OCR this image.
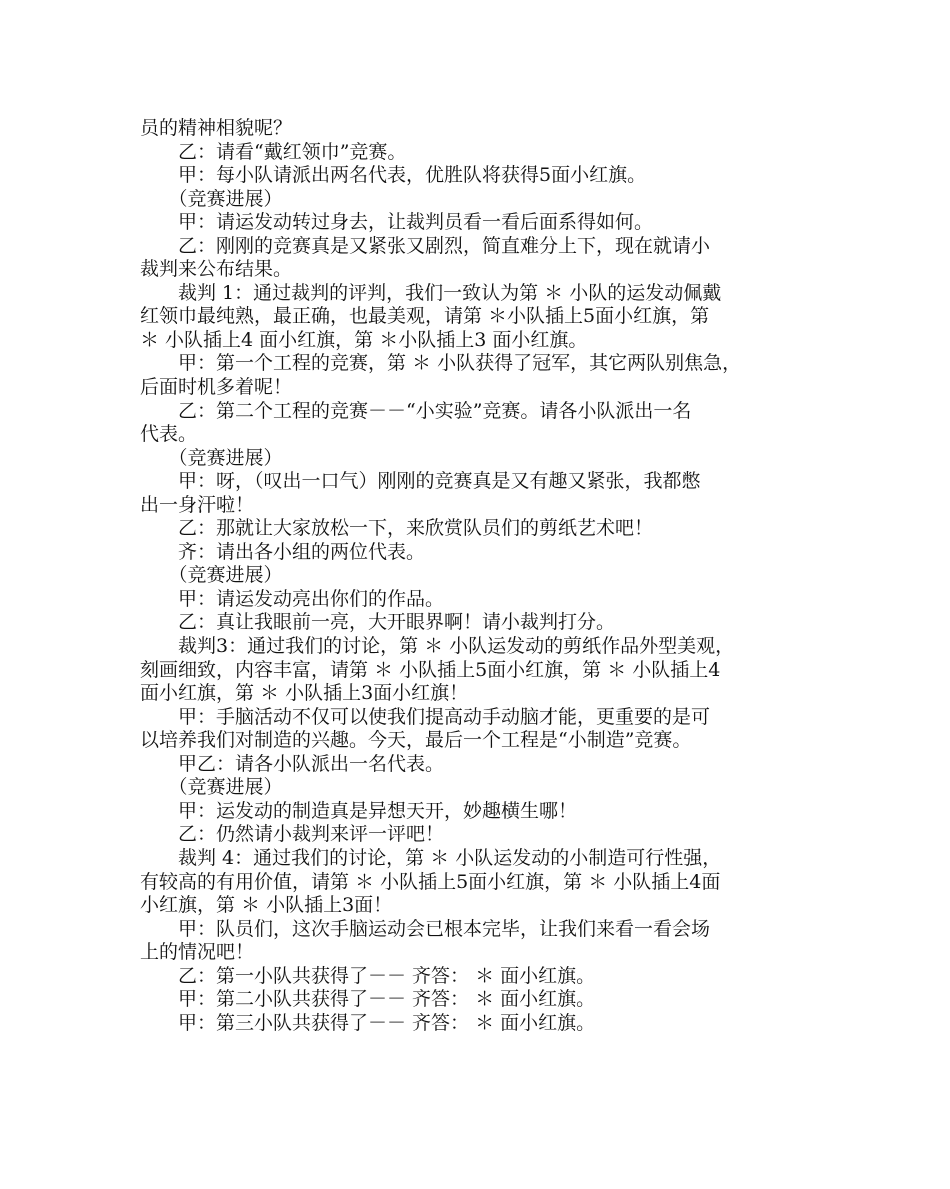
员的精神相貌呢？
　　乙：请看“戴红领巾”竞赛。
　　甲：每小队请派出两名代表，优胜队将获得5面小红旗。
　　（竞赛进展）
　　甲：请运发动转过身去，让裁判员看一看后面系得如何。
　　乙：刚刚的竞赛真是又紧张又剧烈，简直难分上下，现在就请小
裁判来公布结果。
　　裁判 1：通过裁判的评判，我们一致认为第 ＊ 小队的运发动佩戴
红领巾最纯熟，最正确，也最美观，请第 ＊小队插上5面小红旗，第
＊ 小队插上4 面小红旗，第 ＊小队插上3 面小红旗。
　　甲：第一个工程的竞赛，第 ＊ 小队获得了冠军，其它两队别焦急，
后面时机多着呢！
　　乙：第二个工程的竞赛－－“小实验”竞赛。请各小队派出一名
代表。
　　（竞赛进展）
　　甲：呀，（叹出一口气）刚刚的竞赛真是又有趣又紧张，我都憋
出一身汗啦！
　　乙：那就让大家放松一下，来欣赏队员们的剪纸艺术吧！
　　齐：请出各小组的两位代表。
　　（竞赛进展）
　　甲：请运发动亮出你们的作品。
　　乙：真让我眼前一亮，大开眼界啊！请小裁判打分。
　　裁判3：通过我们的讨论，第 ＊ 小队运发动的剪纸作品外型美观，
刻画细致，内容丰富，请第 ＊ 小队插上5面小红旗，第 ＊ 小队插上4
面小红旗，第 ＊ 小队插上3面小红旗！
　　甲：手脑活动不仅可以使我们提高动手动脑才能，更重要的是可
以培养我们对制造的兴趣。今天，最后一个工程是“小制造”竞赛。
　　甲乙：请各小队派出一名代表。
　　（竞赛进展）
　　甲：运发动的制造真是异想天开，妙趣横生哪！
　　乙：仍然请小裁判来评一评吧！
　　裁判 4：通过我们的讨论，第 ＊ 小队运发动的小制造可行性强，
有较高的有用价值，请第 ＊ 小队插上5面小红旗，第 ＊ 小队插上4面
小红旗，第 ＊ 小队插上3面！
　　甲：队员们，这次手脑运动会已根本完毕，让我们来看一看会场
上的情况吧！
　　乙：第一小队共获得了－－ 齐答： ＊ 面小红旗。
　　甲：第二小队共获得了－－ 齐答： ＊ 面小红旗。
　　甲：第三小队共获得了－－ 齐答： ＊ 面小红旗。
